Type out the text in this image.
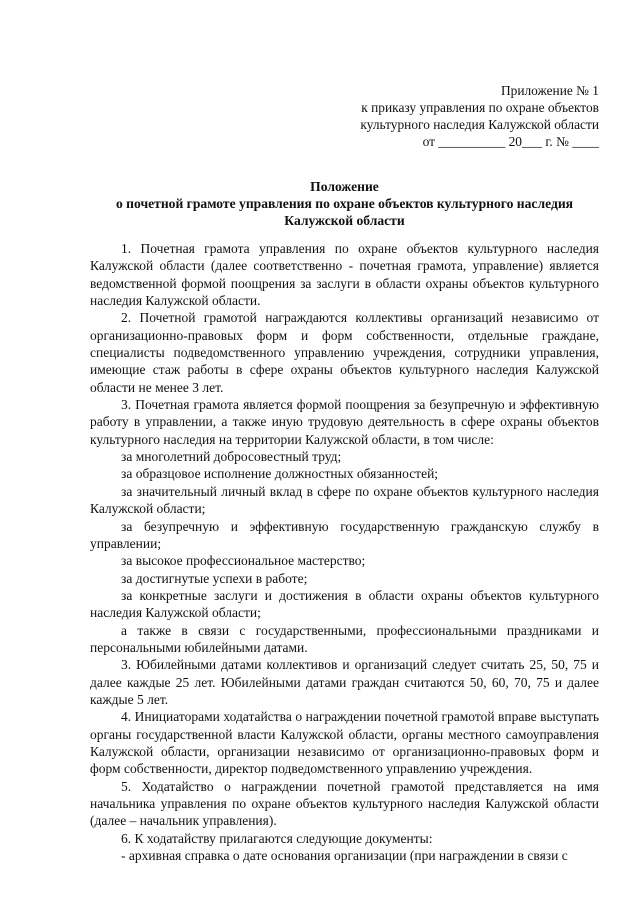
Приложение № 1
к приказу управления по охране объектов
культурного наследия Калужской области
от __________ 20___ г. № ____
Положение
о почетной грамоте управления по охране объектов культурного наследия
Калужской области

1. Почетная грамота управления по охране объектов культурного наследия Калужской области (далее соответственно - почетная грамота, управление) является ведомственной формой поощрения за заслуги в области охраны объектов культурного наследия Калужской области.

2. Почетной грамотой награждаются коллективы организаций независимо от организационно-правовых форм и форм собственности, отдельные граждане, специалисты подведомственного управлению учреждения, сотрудники управления, имеющие стаж работы в сфере охраны объектов культурного наследия Калужской области не менее 3 лет.

3. Почетная грамота является формой поощрения за безупречную и эффективную работу в управлении, а также иную трудовую деятельность в сфере охраны объектов культурного наследия на территории Калужской области, в том числе:

за многолетний добросовестный труд;

за образцовое исполнение должностных обязанностей;

за значительный личный вклад в сфере по охране объектов культурного наследия Калужской области;

за безупречную и эффективную государственную гражданскую службу в управлении;

за высокое профессиональное мастерство;

за достигнутые успехи в работе;

за конкретные заслуги и достижения в области охраны объектов культурного наследия Калужской области;

а также в связи с государственными, профессиональными праздниками и персональными юбилейными датами.

3. Юбилейными датами коллективов и организаций следует считать 25, 50, 75 и далее каждые 25 лет. Юбилейными датами граждан считаются 50, 60, 70, 75 и далее каждые 5 лет.

4. Инициаторами ходатайства о награждении почетной грамотой вправе выступать органы государственной власти Калужской области, органы местного самоуправления Калужской области, организации независимо от организационно-правовых форм и форм собственности, директор подведомственного управлению учреждения.

5. Ходатайство о награждении почетной грамотой представляется на имя начальника управления по охране объектов культурного наследия Калужской области (далее – начальник управления).

6. К ходатайству прилагаются следующие документы:

- архивная справка о дате основания организации (при награждении в связи с
